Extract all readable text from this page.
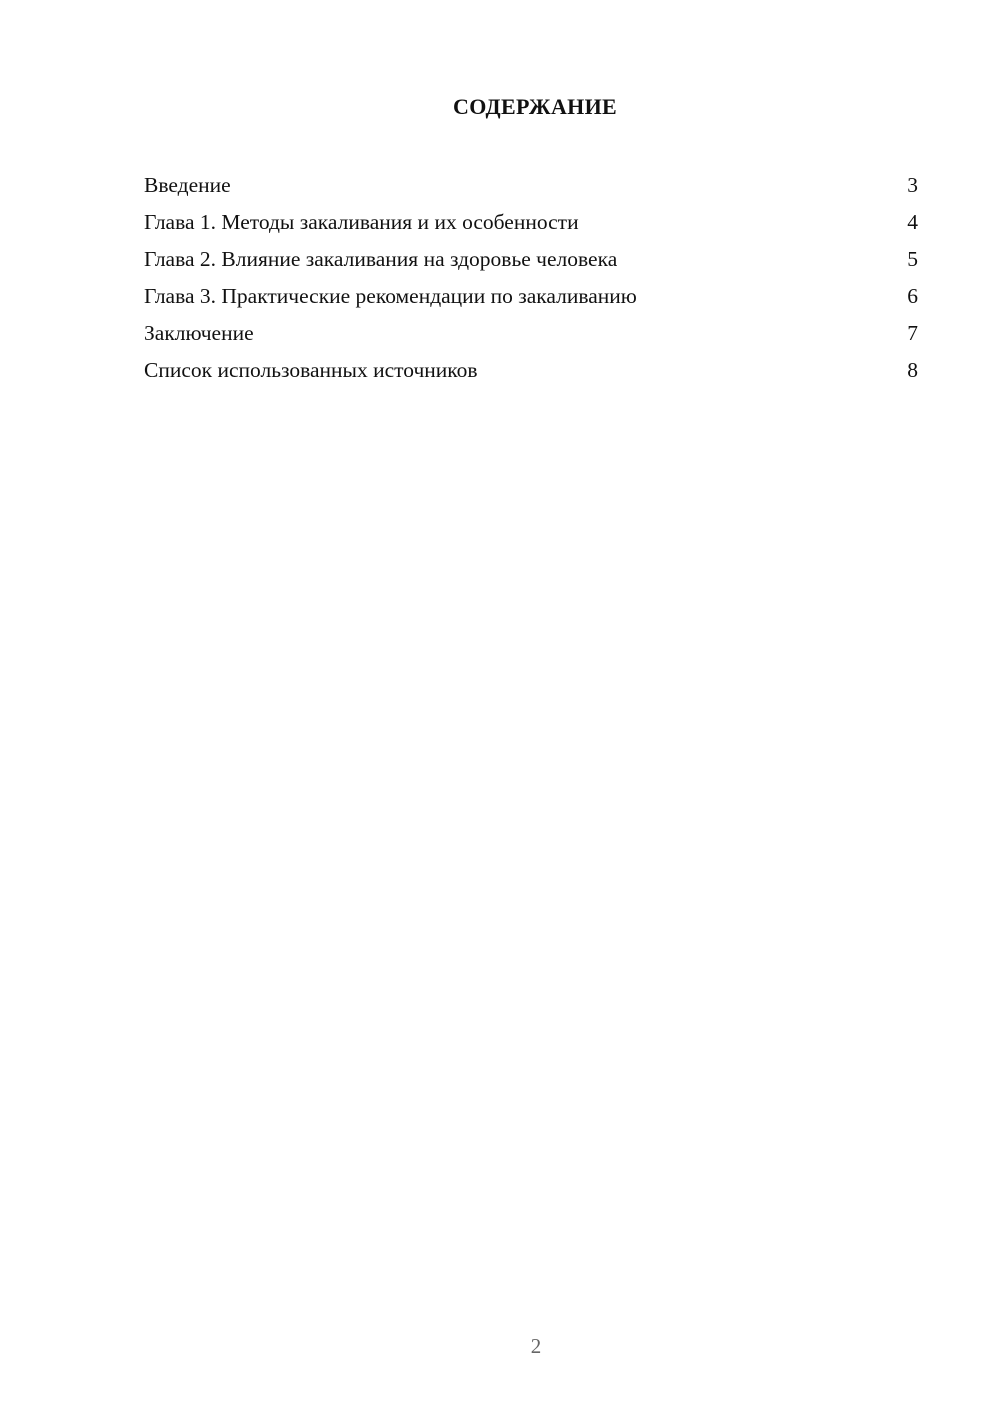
СОДЕРЖАНИЕ
Введение	3
Глава 1. Методы закаливания и их особенности	4
Глава 2. Влияние закаливания на здоровье человека	5
Глава 3. Практические рекомендации по закаливанию	6
Заключение	7
Список использованных источников	8
2
